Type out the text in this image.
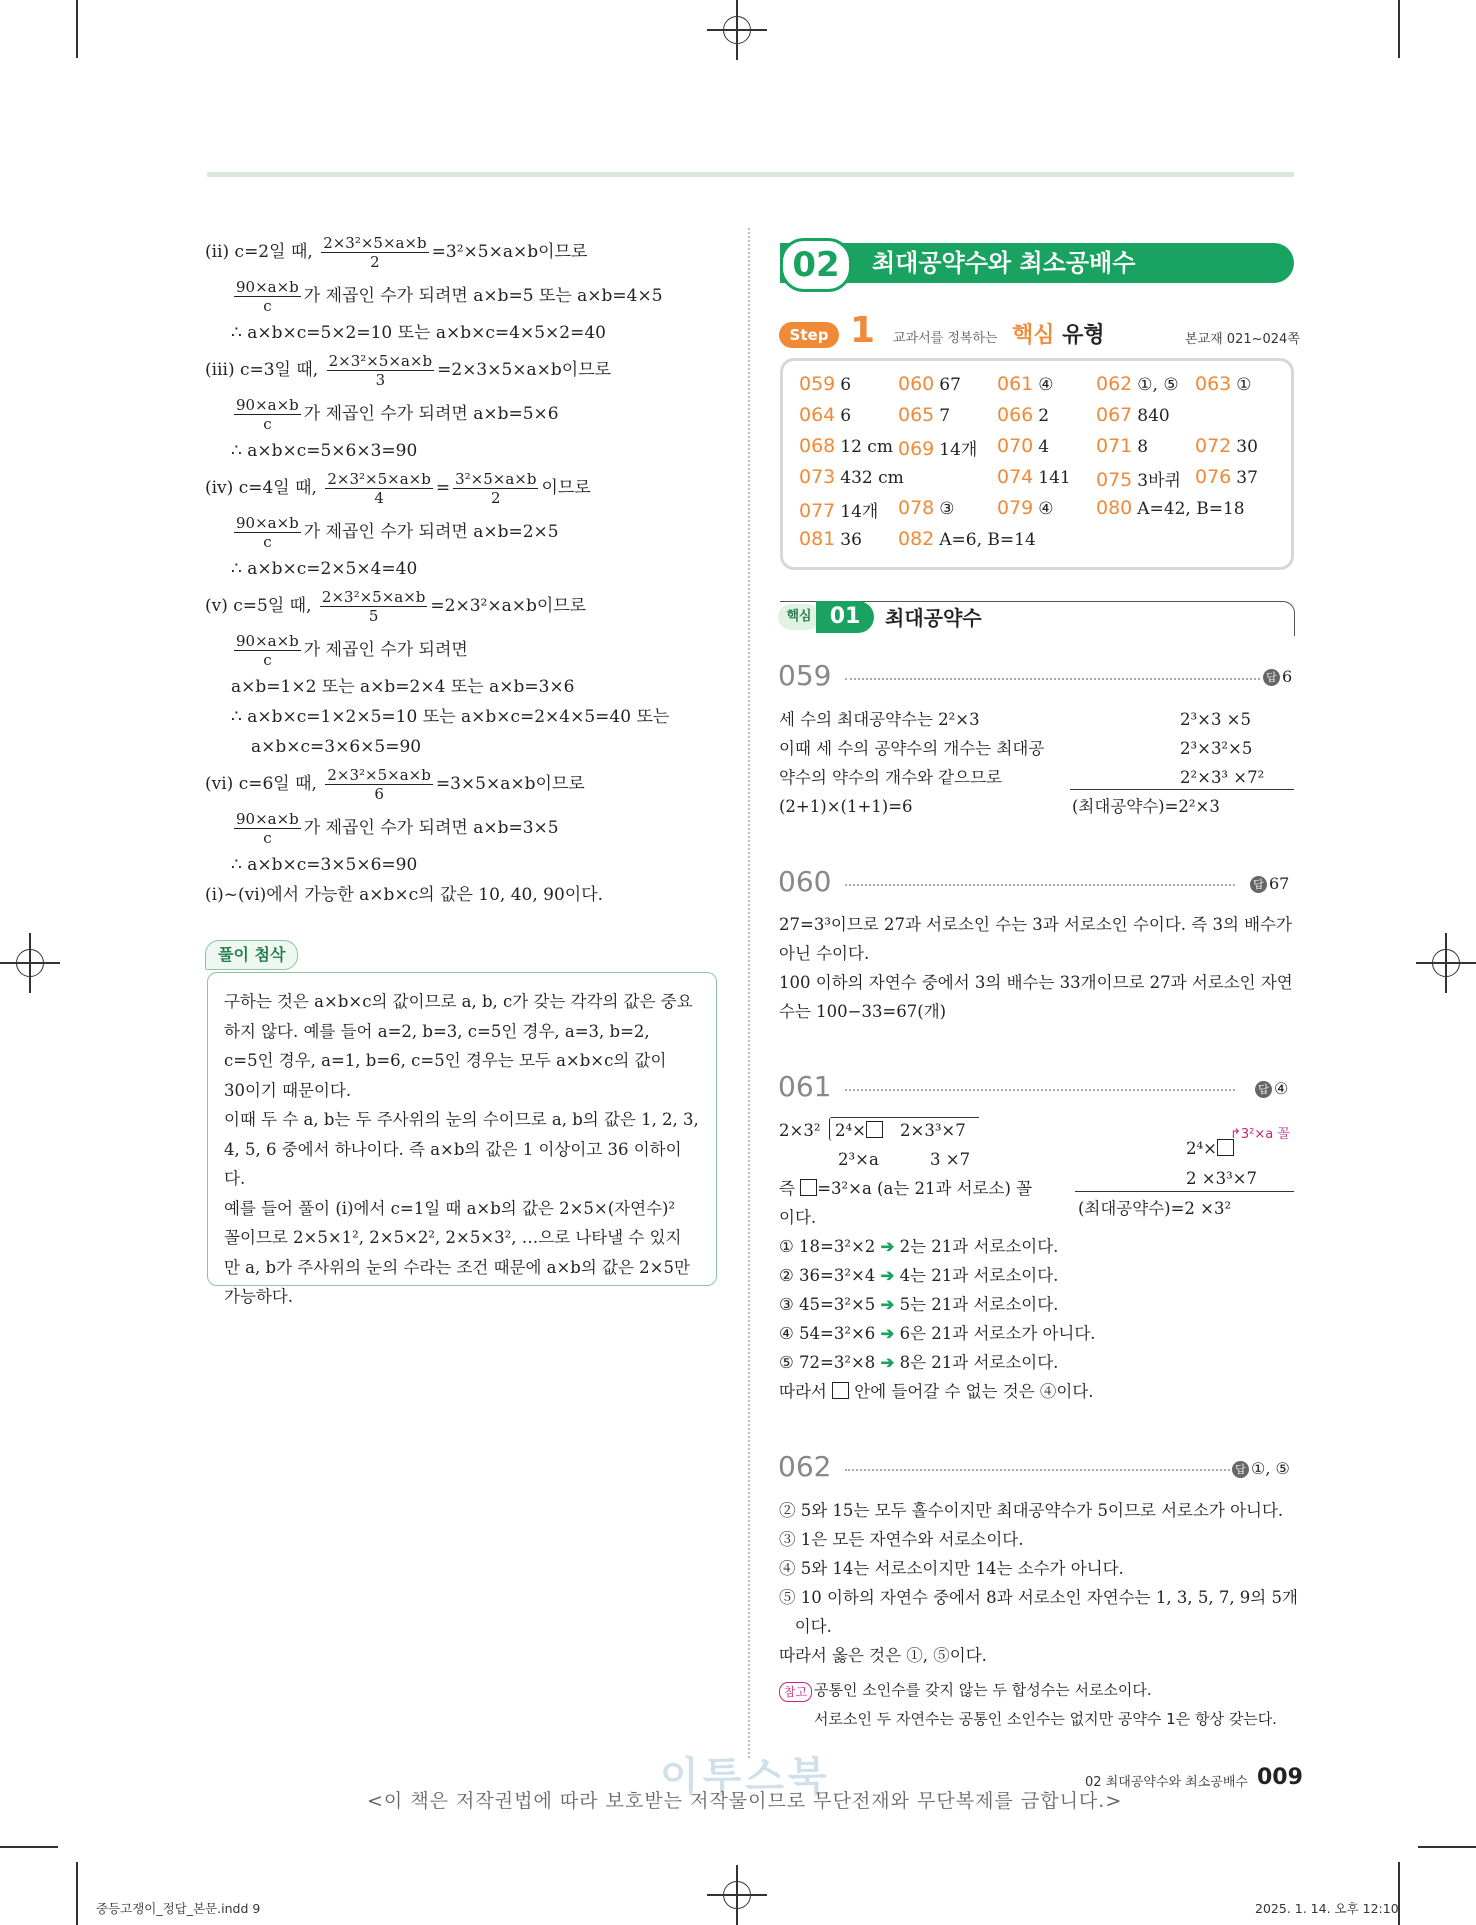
(ⅱ) c=2일 때, $\frac{\text{2×3²×5×a×b}}{2} =3^2\times 5\times a\times b$이므로
$\frac{90\times a\times b}{c}$ 가 제곱인 수가 되려면 a×b=5 또는 a×b=4×5
∴ a×b×c=5×2=10 또는 a×b×c=4×5×2=40
(ⅲ) c=3일 때, $\frac{\text{2×3²×5×a×b}}{3} =2\times 3\times 5\times a\times b$이므로
$\frac{90\times a\times b}{c}$ 가 제곱인 수가 되려면 a×b=5×6
∴ a×b×c=5×6×3=90
(ⅳ) c=4일 때, $\frac{\text{2×3²×5×a×b}}{4} = \frac{\text{3²×5×a×b}}{2}$ 이므로
$\frac{90\times a\times b}{c}$ 가 제곱인 수가 되려면 a×b=2×5
∴ a×b×c=2×5×4=40
(ⅴ) c=5일 때, $\frac{\text{2×3²×5×a×b}}{5} =2\times 3^2\times a\times b$이므로
$\frac{90\times a\times b}{c}$ 가 제곱인 수가 되려면
a×b=1×2 또는 a×b=2×4 또는 a×b=3×6
∴ a×b×c=1×2×5=10 또는 a×b×c=2×4×5=40 또는
a×b×c=3×6×5=90
(ⅵ) c=6일 때, $\frac{\text{2×3²×5×a×b}}{6} =3\times 5\times a\times b$이므로
$\frac{90\times a\times b}{c}$ 가 제곱인 수가 되려면 a×b=3×5
∴ a×b×c=3×5×6=90
(ⅰ)~(ⅵ)에서 가능한 a×b×c의 값은 10, 40, 90이다.
풀이 첨삭
구하는 것은 a×b×c의 값이므로 a, b, c가 갖는 각각의 값은 중요
하지 않다. 예를 들어 a=2, b=3, c=5인 경우, a=3, b=2,
c=5인 경우, a=1, b=6, c=5인 경우는 모두 a×b×c의 값이
30이기 때문이다.
이때 두 수 a, b는 두 주사위의 눈의 수이므로 a, b의 값은 1, 2, 3,
4, 5, 6 중에서 하나이다. 즉 a×b의 값은 1 이상이고 36 이하이다.
예를 들어 풀이 (ⅰ)에서 c=1일 때 a×b의 값은 2×5×(자연수)²
꼴이므로 2×5×1², 2×5×2², 2×5×3², …으로 나타낼 수 있지
만 a, b가 주사위의 눈의 수라는 조건 때문에 a×b의 값은 2×5만
가능하다.
02	최대공약수와 최소공배수
Step 1 교과서를 정복하는 핵심 유형	본교재 021~024쪽
059 6 060 67 061 ④ 062 ①, ⑤ 063 ①
064 6 065 7 066 2 067 840
068 12 cm 069 14개 070 4 071 8 072 30
073 432 cm	074 141 075 3바퀴 076 37
077 14개 078 ③ 079 ④ 080 A=42, B=18
081 36 082 A=6, B=14
핵심 01	최대공약수
059	답 6
세 수의 최대공약수는 2²×3
이때 세 수의 공약수의 개수는 최대공
약수의 약수의 개수와 같으므로
(2+1)×(1+1)=6
2³×3 ×5
2³×3²×5
2²×3³ ×7²
(최대공약수)=2²×3
060	답 67
27=3³이므로 27과 서로소인 수는 3과 서로소인 수이다. 즉 3의 배수가
아닌 수이다.
100 이하의 자연수 중에서 3의 배수는 33개이므로 27과 서로소인 자연
수는 100−33=67(개)
061	답 ④
2×3² 2⁴×	2×3³×7
2³×a	3 ×7
↱3²×a 꼴
2⁴×
2 ×3³×7
(최대공약수)=2 ×3²
즉 =3²×a (a는 21과 서로소) 꼴
이다.
① 18=3²×2 ➔ 2는 21과 서로소이다.
② 36=3²×4 ➔ 4는 21과 서로소이다.
③ 45=3²×5 ➔ 5는 21과 서로소이다.
④ 54=3²×6 ➔ 6은 21과 서로소가 아니다.
⑤ 72=3²×8 ➔ 8은 21과 서로소이다.
따라서  안에 들어갈 수 없는 것은 ④이다.
062	답 ①, ⑤
② 5와 15는 모두 홀수이지만 최대공약수가 5이므로 서로소가 아니다.
③ 1은 모든 자연수와 서로소이다.
④ 5와 14는 서로소이지만 14는 소수가 아니다.
⑤ 10 이하의 자연수 중에서 8과 서로소인 자연수는 1, 3, 5, 7, 9의 5개
이다.
따라서 옳은 것은 ①, ⑤이다.
참고 공통인 소인수를 갖지 않는 두 합성수는 서로소이다.
서로소인 두 자연수는 공통인 소인수는 없지만 공약수 1은 항상 갖는다.
이투스북	02 최대공약수와 최소공배수 009
<이 책은 저작권법에 따라 보호받는 저작물이므로 무단전재와 무단복제를 금합니다.>
중등고쟁이_정답_본문.indd 9	2025. 1. 14. 오후 12:10
